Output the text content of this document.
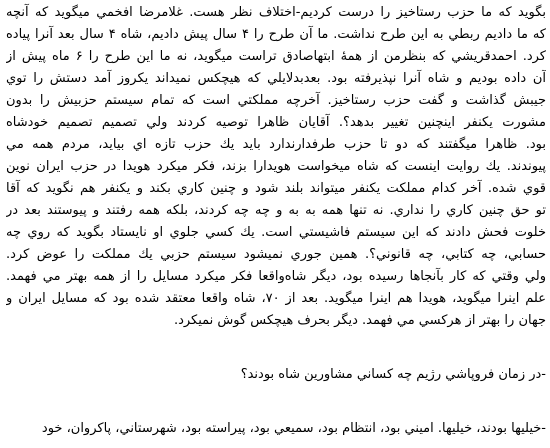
بگويد كه ما حزب رستاخيز را درست كرديم-اختلاف نظر هست. غلامرضا افخمي ميگويد كه آنچه
كه ما داديم ربطي به اين طرح نداشت. ما آن طرح را ۴ سال پيش داديم، شاه ۴ سال بعد آنرا پياده
كرد. احمدقريشي كه بنظرمن از همهٔ ابتهاصادق تراست ميگويد، نه ما اين طرح را ۶ ماه پيش از
آن داده بوديم و شاه آنرا نپذيرفته بود. بعدبدلايلي كه هيچكس نميداند يكروز آمد دستش را توي
جيبش گذاشت و گفت حزب رستاخيز. آخرچه مملكتي است كه تمام سيستم حزبيش را بدون
مشورت يكنفر اينچنين تغيير بدهد؟. آقايان ظاهرا توصيه كردند ولي تصميم تصميم خودشاه
بود. ظاهرا ميگفتند كه دو تا حزب طرفدارندارد بايد يك حزب تازه اي بيايد، مردم همه مي
پيوندند. يك روايت اينست كه شاه ميخواست هويدارا بزند، فكر ميكرد هويدا در حزب ايران نوين
قوي شده. آخر كدام مملكت يكنفر ميتواند بلند شود و چنين كاري بكند و يكنفر هم نگويد كه آقا
تو حق چنين كاري را نداري. نه تنها همه به به و چه چه كردند، بلكه همه رفتند و پيوستند بعد در
خلوت فحش دادند كه اين سيستم فاشيستي است. يك كسي جلوي او نايستاد بگويد كه روي چه
حسابي، چه كتابي، چه قانوني؟. همين جوري نميشود سيستم حزبي يك مملكت را عوض كرد.
ولي وقتي كه كار بآنجاها رسيده بود، ديگر شاه‌واقعا فكر ميكرد مسايل را از همه بهتر مي فهمد.
علم اينرا ميگويد، هويدا هم اينرا ميگويد. بعد از ۷۰، شاه واقعا معتقد شده بود كه مسايل ايران و
جهان را بهتر از هركسي مي فهمد. ديگر بحرف هيچكس گوش نميكرد.
-در زمان فروپاشي رژيم چه كساني مشاورين شاه بودند؟
-خيليها بودند، خيليها. اميني بود، انتظام بود، سميعي بود، پيراسته بود، شهرستاني، پاكروان، خود
